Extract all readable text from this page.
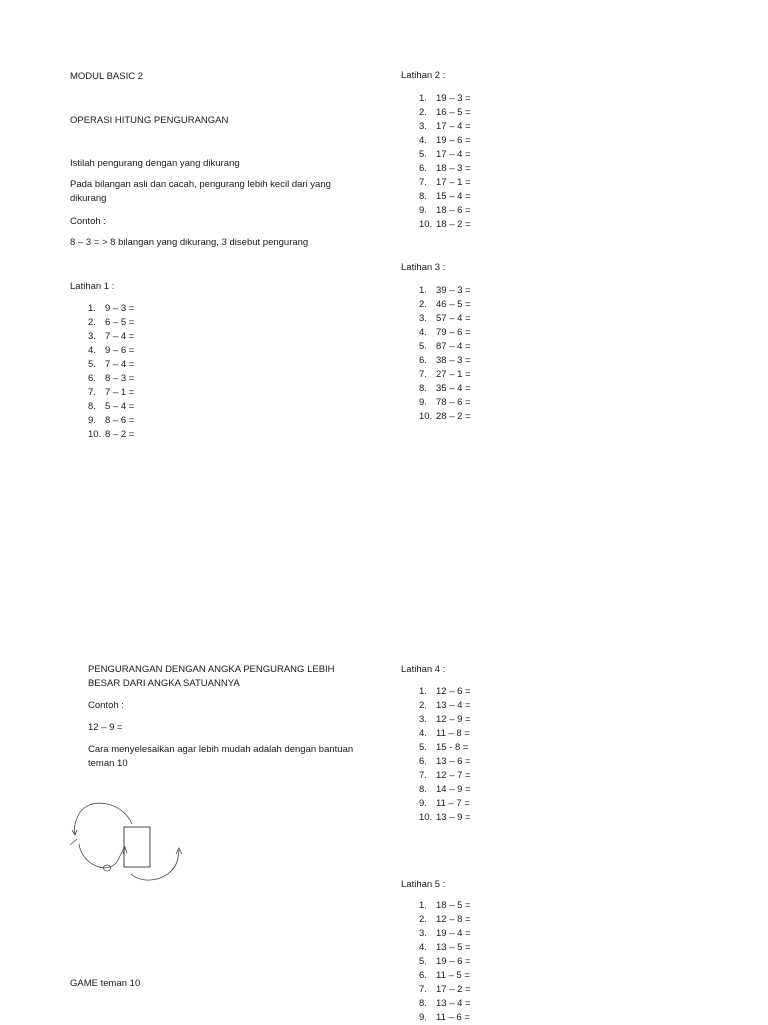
MODUL BASIC 2
OPERASI HITUNG PENGURANGAN
Istilah pengurang dengan yang dikurang
Pada bilangan asli dan cacah, pengurang lebih kecil dari yang dikurang
Contoh :
8 – 3 = > 8 bilangan yang dikurang, 3 disebut pengurang
Latihan 1 :
1. 9 – 3 =
2. 6 – 5 =
3. 7 – 4 =
4. 9 – 6 =
5. 7 – 4 =
6. 8 – 3 =
7. 7 – 1 =
8. 5 – 4 =
9. 8 – 6 =
10. 8 – 2 =
Latihan 2 :
1. 19 – 3 =
2. 16 – 5 =
3. 17 – 4 =
4. 19 – 6 =
5. 17 – 4 =
6. 18 – 3 =
7. 17 – 1 =
8. 15 – 4 =
9. 18 – 6 =
10. 18 – 2 =
Latihan 3 :
1. 39 – 3 =
2. 46 – 5 =
3. 57 – 4 =
4. 79 – 6 =
5. 87 – 4 =
6. 38 – 3 =
7. 27 – 1 =
8. 35 – 4 =
9. 78 – 6 =
10. 28 – 2 =
PENGURANGAN DENGAN ANGKA PENGURANG LEBIH BESAR DARI ANGKA SATUANNYA
Contoh :
12 – 9 =
Cara menyelesaikan agar lebih mudah adalah dengan bantuan teman 10
GAME teman 10
Latihan 4 :
1. 12 – 6 =
2. 13 – 4 =
3. 12 – 9 =
4. 11 – 8 =
5. 15 - 8 =
6. 13 – 6 =
7. 12 – 7 =
8. 14 – 9 =
9. 11 – 7 =
10. 13 – 9 =
Latihan 5 :
1. 18 – 5 =
2. 12 – 8 =
3. 19 – 4 =
4. 13 – 5 =
5. 19 – 6 =
6. 11 – 5 =
7. 17 – 2 =
8. 13 – 4 =
9. 11 – 6 =
